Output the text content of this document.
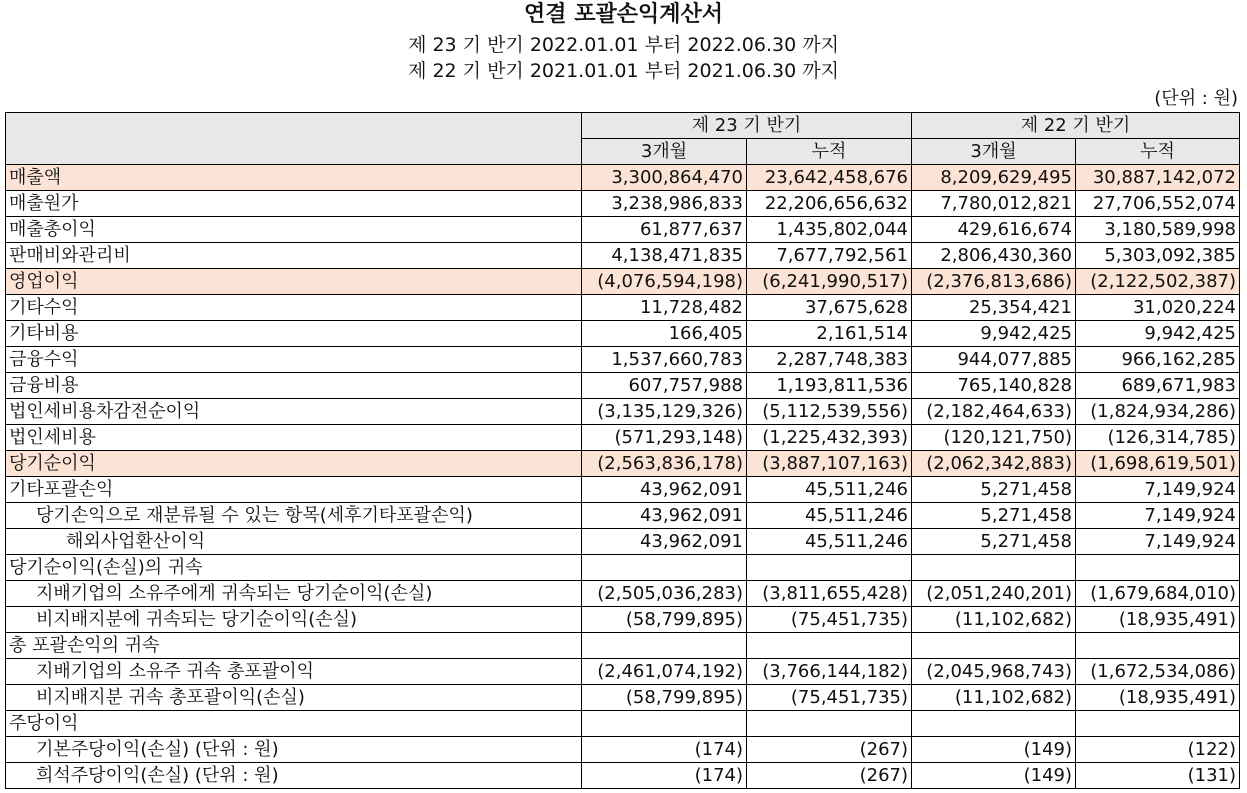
연결 포괄손익계산서
제 23 기 반기 2022.01.01 부터 2022.06.30 까지
제 22 기 반기 2021.01.01 부터 2021.06.30 까지
(단위 : 원)
	제 23 기 반기		제 22 기 반기	
	3개월	누적	3개월	누적
매출액	3,300,864,470	23,642,458,676	8,209,629,495	30,887,142,072
매출원가	3,238,986,833	22,206,656,632	7,780,012,821	27,706,552,074
매출총이익	61,877,637	1,435,802,044	429,616,674	3,180,589,998
판매비와관리비	4,138,471,835	7,677,792,561	2,806,430,360	5,303,092,385
영업이익	(4,076,594,198)	(6,241,990,517)	(2,376,813,686)	(2,122,502,387)
기타수익	11,728,482	37,675,628	25,354,421	31,020,224
기타비용	166,405	2,161,514	9,942,425	9,942,425
금융수익	1,537,660,783	2,287,748,383	944,077,885	966,162,285
금융비용	607,757,988	1,193,811,536	765,140,828	689,671,983
법인세비용차감전순이익	(3,135,129,326)	(5,112,539,556)	(2,182,464,633)	(1,824,934,286)
법인세비용	(571,293,148)	(1,225,432,393)	(120,121,750)	(126,314,785)
당기순이익	(2,563,836,178)	(3,887,107,163)	(2,062,342,883)	(1,698,619,501)
기타포괄손익	43,962,091	45,511,246	5,271,458	7,149,924
당기손익으로 재분류될 수 있는 항목(세후기타포괄손익)	43,962,091	45,511,246	5,271,458	7,149,924
해외사업환산이익	43,962,091	45,511,246	5,271,458	7,149,924
당기순이익(손실)의 귀속				
지배기업의 소유주에게 귀속되는 당기순이익(손실)	(2,505,036,283)	(3,811,655,428)	(2,051,240,201)	(1,679,684,010)
비지배지분에 귀속되는 당기순이익(손실)	(58,799,895)	(75,451,735)	(11,102,682)	(18,935,491)
총 포괄손익의 귀속				
지배기업의 소유주 귀속 총포괄이익	(2,461,074,192)	(3,766,144,182)	(2,045,968,743)	(1,672,534,086)
비지배지분 귀속 총포괄이익(손실)	(58,799,895)	(75,451,735)	(11,102,682)	(18,935,491)
주당이익				
기본주당이익(손실) (단위 : 원)	(174)	(267)	(149)	(122)
희석주당이익(손실) (단위 : 원)	(174)	(267)	(149)	(131)
